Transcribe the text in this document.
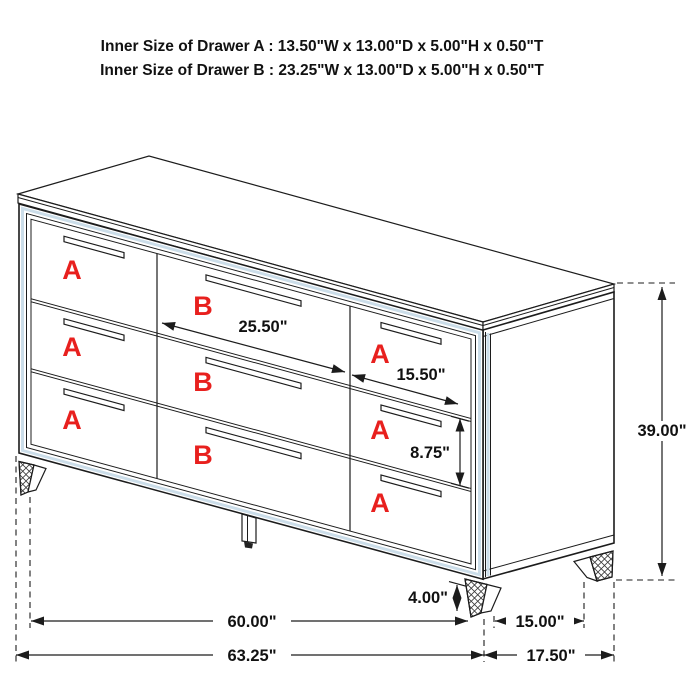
Inner Size of Drawer A : 13.50"W x 13.00"D x 5.00"H x 0.50"T
Inner Size of Drawer B : 23.25"W x 13.00"D x 5.00"H x 0.50"T
A
B
A
A
B
A
A
B
A
25.50"
15.50"
8.75"
39.00"
4.00"
60.00"	15.00"
63.25"	17.50"
